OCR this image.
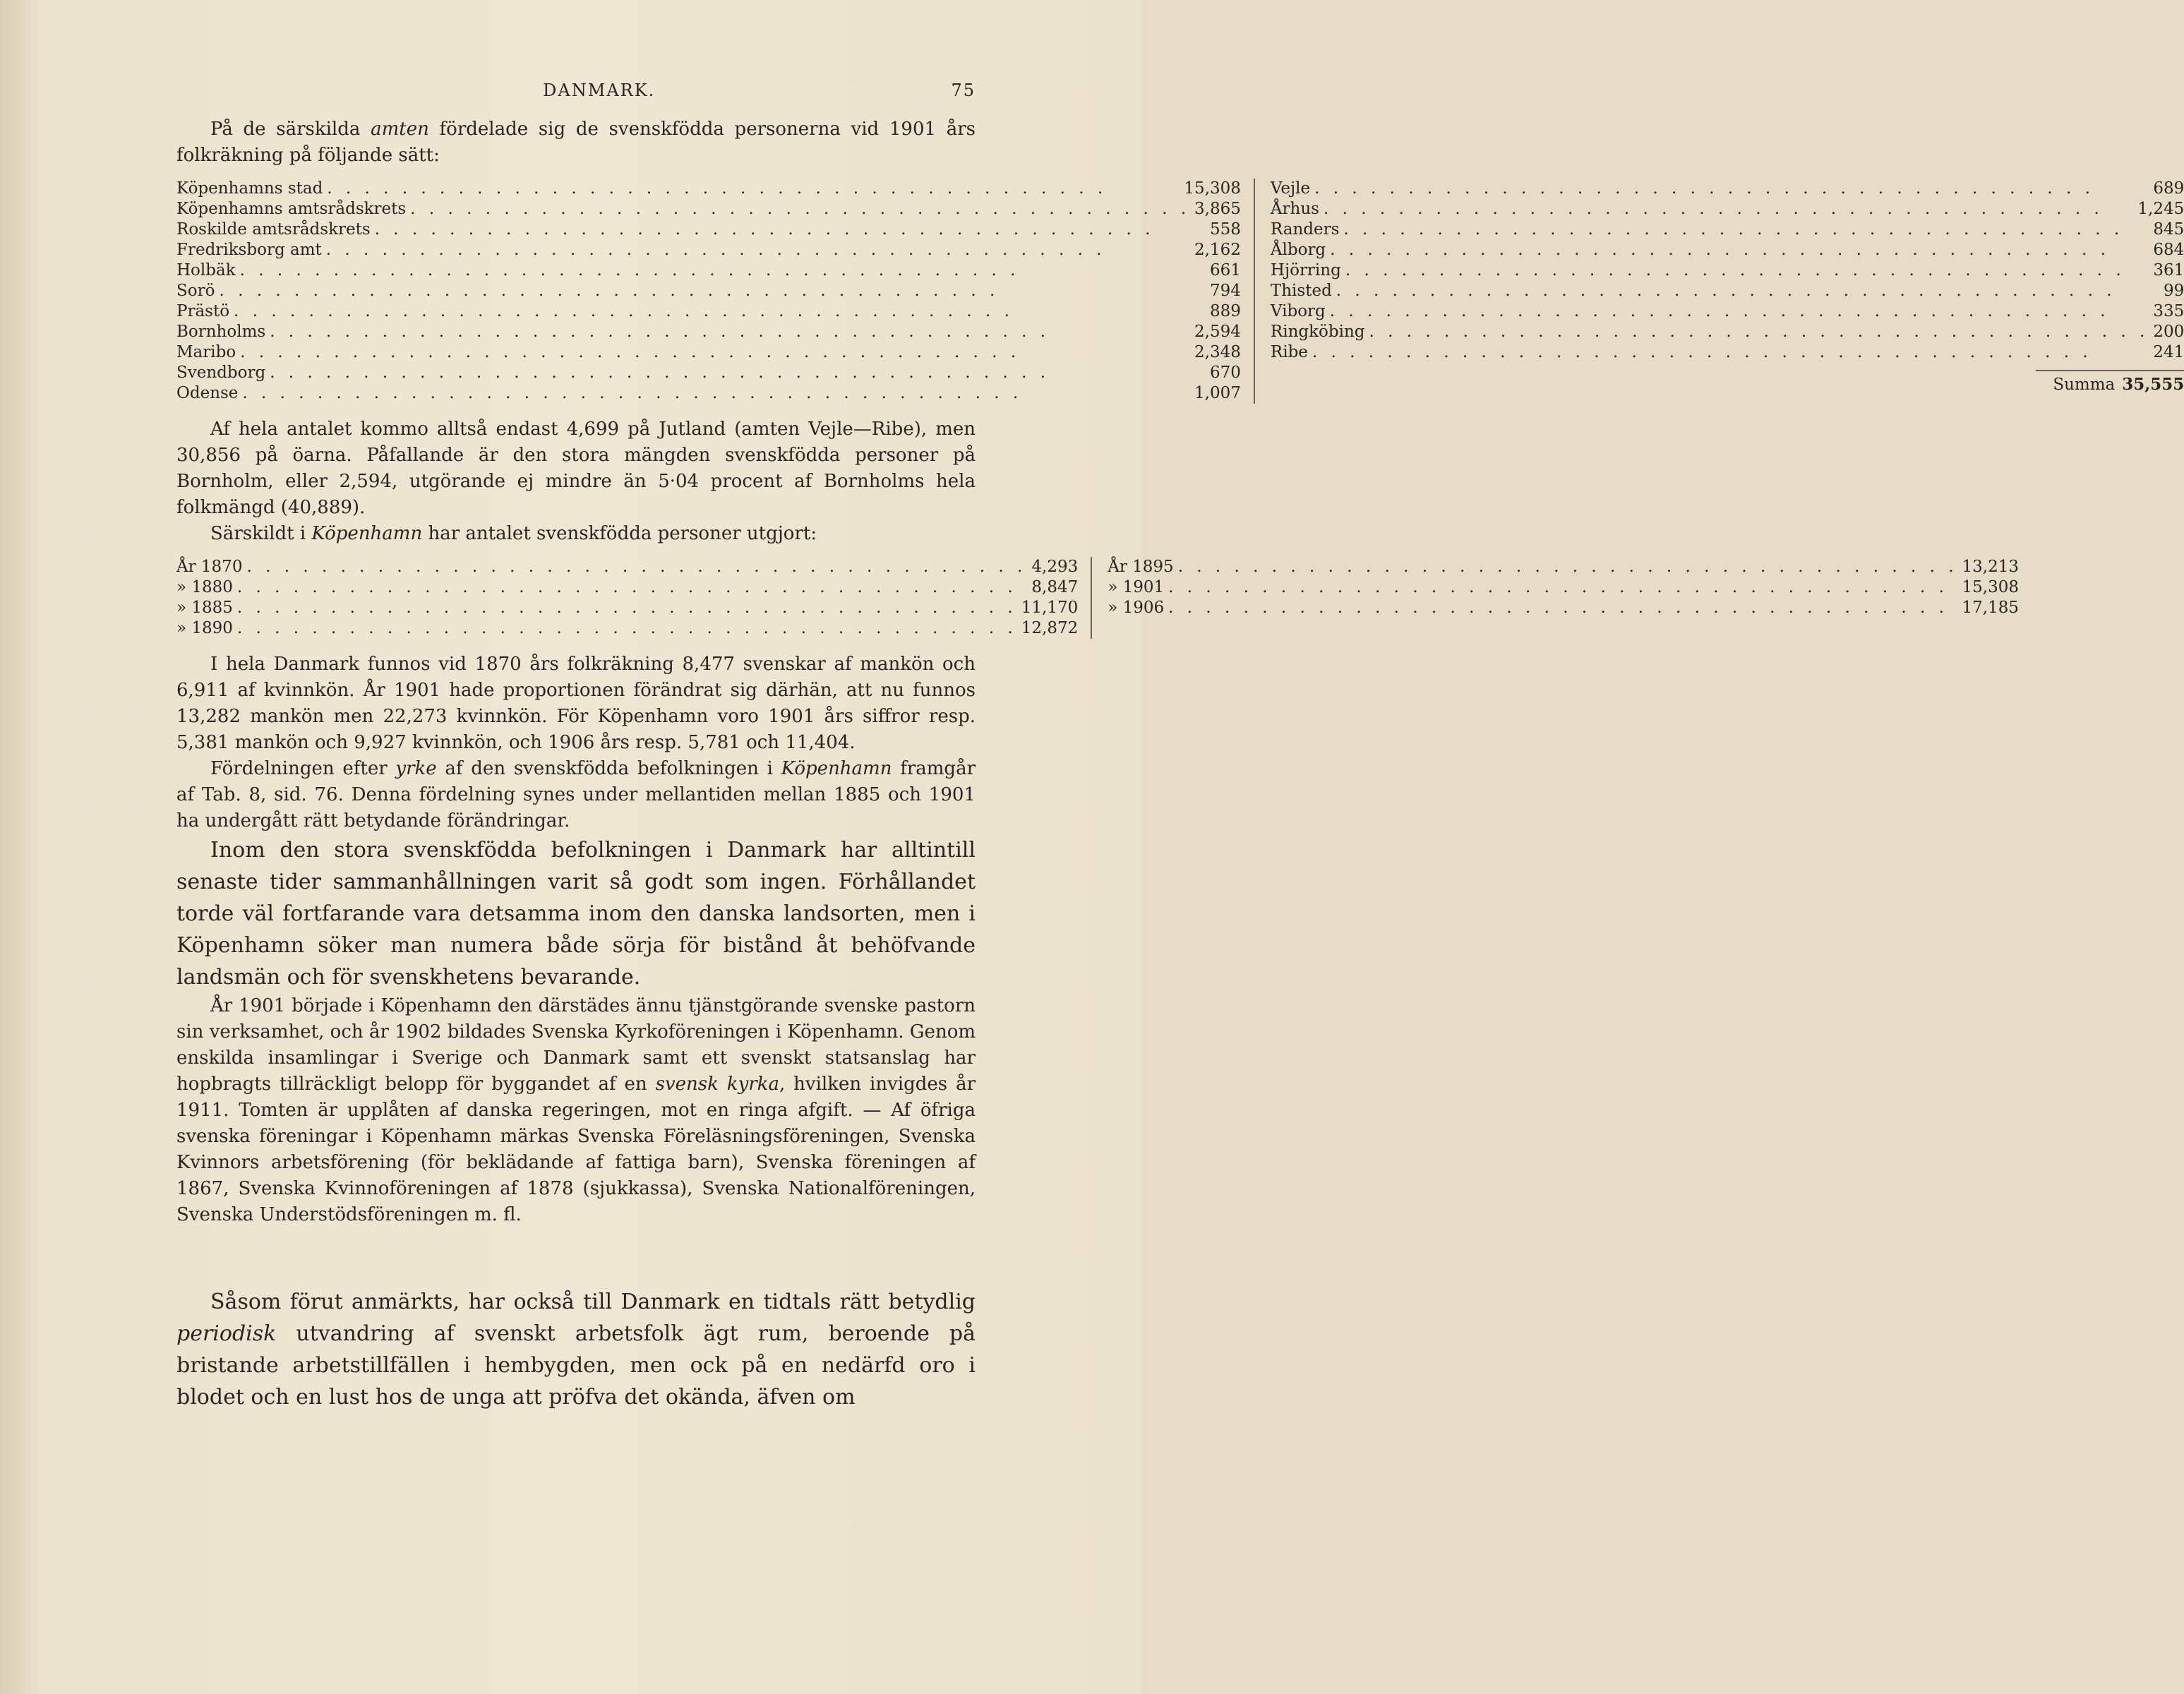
DANMARK.	75

På de särskilda amten fördelade sig de svenskfödda personerna vid 1901 års folkräkning på följande sätt:

Köpenhamns stad . . .	15,308
Köpenhamns amtsrådskrets . . .	3,865
Roskilde amtsrådskrets . . .	558
Fredriksborg amt . . .	2,162
Holbäk . . .	661
Sorö . . .	794
Prästö . . .	889
Bornholms . . .	2,594
Maribo . . .	2,348
Svendborg . . .	670
Odense . . .	1,007
Vejle . . .	689
Århus . . .	1,245
Randers . . .	845
Ålborg . . .	684
Hjörring . . .	361
Thisted . . .	99
Viborg . . .	335
Ringköbing . . .	200
Ribe . . .	241
Summa 35,555

Af hela antalet kommo alltså endast 4,699 på Jutland (amten Vejle—Ribe), men 30,856 på öarna. Påfallande är den stora mängden svenskfödda personer på Bornholm, eller 2,594, utgörande ej mindre än 5·04 procent af Bornholms hela folkmängd (40,889).

Särskildt i Köpenhamn har antalet svenskfödda personer utgjort:

År 1870 . . .	4,293
» 1880 . . .	8,847
» 1885 . . .	11,170
» 1890 . . .	12,872
År 1895 . . .	13,213
» 1901 . . .	15,308
» 1906 . . .	17,185

I hela Danmark funnos vid 1870 års folkräkning 8,477 svenskar af mankön och 6,911 af kvinnkön. År 1901 hade proportionen förändrat sig därhän, att nu funnos 13,282 mankön men 22,273 kvinnkön. För Köpenhamn voro 1901 års siffror resp. 5,381 mankön och 9,927 kvinnkön, och 1906 års resp. 5,781 och 11,404.

Fördelningen efter yrke af den svenskfödda befolkningen i Köpenhamn framgår af Tab. 8, sid. 76. Denna fördelning synes under mellantiden mellan 1885 och 1901 ha undergått rätt betydande förändringar.

Inom den stora svenskfödda befolkningen i Danmark har alltintill senaste tider sammanhållningen varit så godt som ingen. Förhållandet torde väl fortfarande vara detsamma inom den danska landsorten, men i Köpenhamn söker man numera både sörja för bistånd åt behöfvande landsmän och för svenskhetens bevarande.

År 1901 började i Köpenhamn den därstädes ännu tjänstgörande svenske pastorn sin verksamhet, och år 1902 bildades Svenska Kyrkoföreningen i Köpenhamn. Genom enskilda insamlingar i Sverige och Danmark samt ett svenskt statsanslag har hopbragts tillräckligt belopp för byggandet af en svensk kyrka, hvilken invigdes år 1911. Tomten är upplåten af danska regeringen, mot en ringa afgift. — Af öfriga svenska föreningar i Köpenhamn märkas Svenska Föreläsningsföreningen, Svenska Kvinnors arbetsförening (för beklädande af fattiga barn), Svenska föreningen af 1867, Svenska Kvinnoföreningen af 1878 (sjukkassa), Svenska Nationalföreningen, Svenska Understödsföreningen m. fl.

Såsom förut anmärkts, har också till Danmark en tidtals rätt betydlig periodisk utvandring af svenskt arbetsfolk ägt rum, beroende på bristande arbetstillfällen i hembygden, men ock på en nedärfd oro i blodet och en lust hos de unga att pröfva det okända, äfven om
